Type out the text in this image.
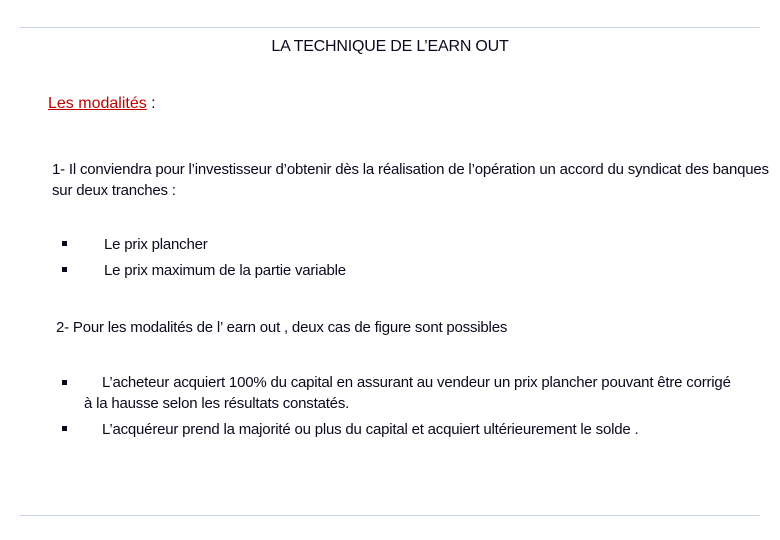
LA TECHNIQUE DE L’EARN OUT
Les modalités :
1- Il conviendra pour l’investisseur d’obtenir dès la réalisation de l’opération un accord du syndicat des banques sur deux tranches :
Le prix plancher
Le prix maximum de la partie variable
2- Pour les modalités de l’ earn out , deux cas de figure sont possibles
L’acheteur acquiert 100% du capital en assurant au vendeur un prix plancher pouvant être corrigé à la hausse selon les résultats constatés.
L’acquéreur prend la majorité ou plus du capital et acquiert ultérieurement le solde .
